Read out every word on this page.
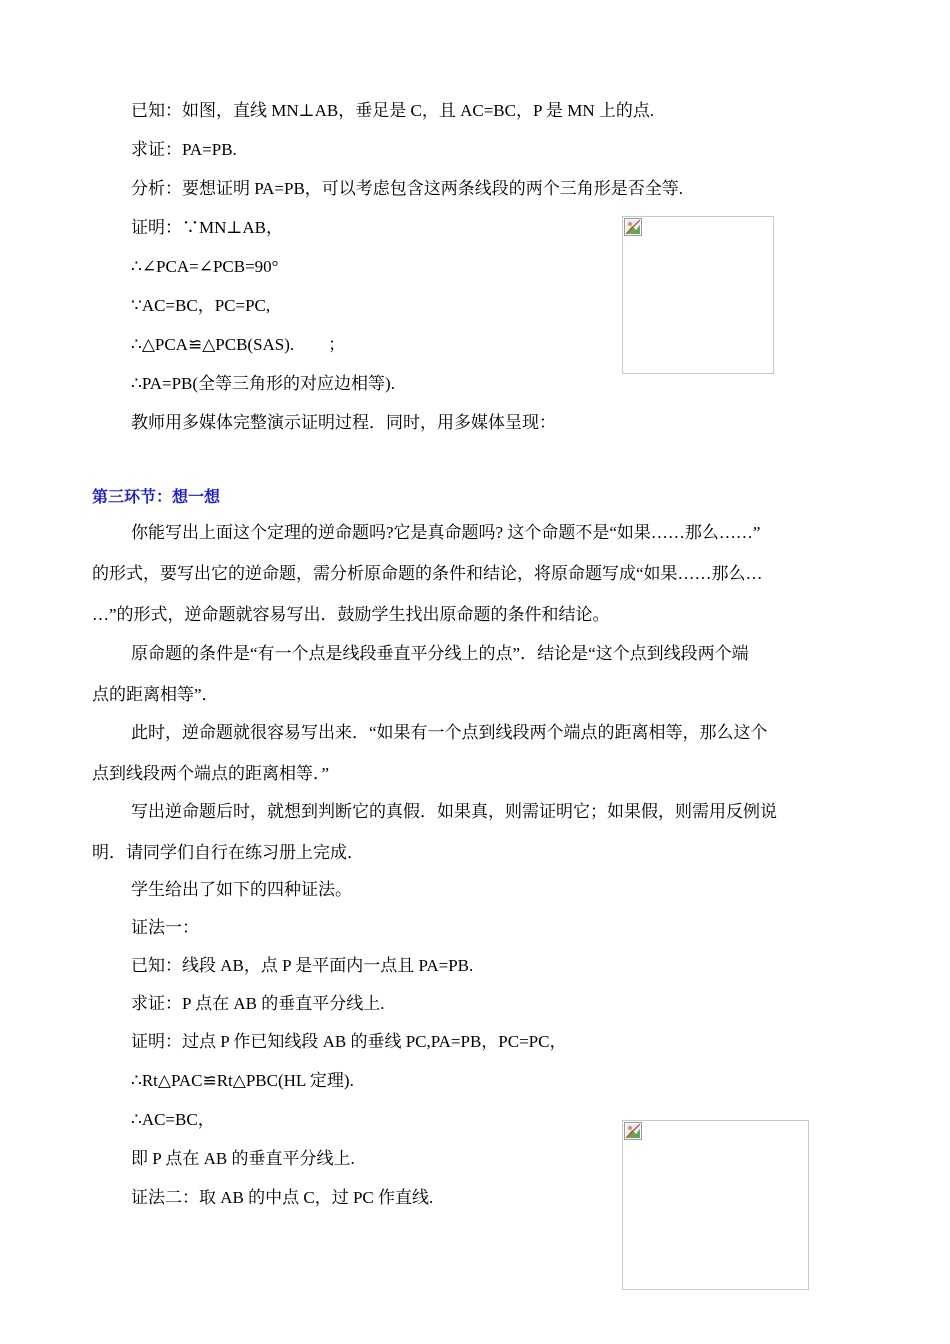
已知：如图，直线 MN⊥AB，垂足是 C，且 AC=BC，P 是 MN 上的点.
求证：PA=PB.
分析：要想证明 PA=PB，可以考虑包含这两条线段的两个三角形是否全等.
证明：∵MN⊥AB，
∴∠PCA=∠PCB=90°
∵AC=BC，PC=PC,
∴△PCA≌△PCB(SAS).　　；
∴PA=PB(全等三角形的对应边相等).
教师用多媒体完整演示证明过程．同时，用多媒体呈现：
第三环节：想一想
你能写出上面这个定理的逆命题吗?它是真命题吗? 这个命题不是“如果……那么……”
的形式，要写出它的逆命题，需分析原命题的条件和结论，将原命题写成“如果……那么…
…”的形式，逆命题就容易写出．鼓励学生找出原命题的条件和结论。
原命题的条件是“有一个点是线段垂直平分线上的点”．结论是“这个点到线段两个端
点的距离相等”．
此时，逆命题就很容易写出来．“如果有一个点到线段两个端点的距离相等，那么这个
点到线段两个端点的距离相等．”
写出逆命题后时，就想到判断它的真假．如果真，则需证明它；如果假，则需用反例说
明．请同学们自行在练习册上完成．
学生给出了如下的四种证法。
证法一：
已知：线段 AB，点 P 是平面内一点且 PA=PB.
求证：P 点在 AB 的垂直平分线上.
证明：过点 P 作已知线段 AB 的垂线 PC,PA=PB，PC=PC，
∴Rt△PAC≌Rt△PBC(HL 定理).
∴AC=BC，
即 P 点在 AB 的垂直平分线上.
证法二：取 AB 的中点 C，过 PC 作直线.
